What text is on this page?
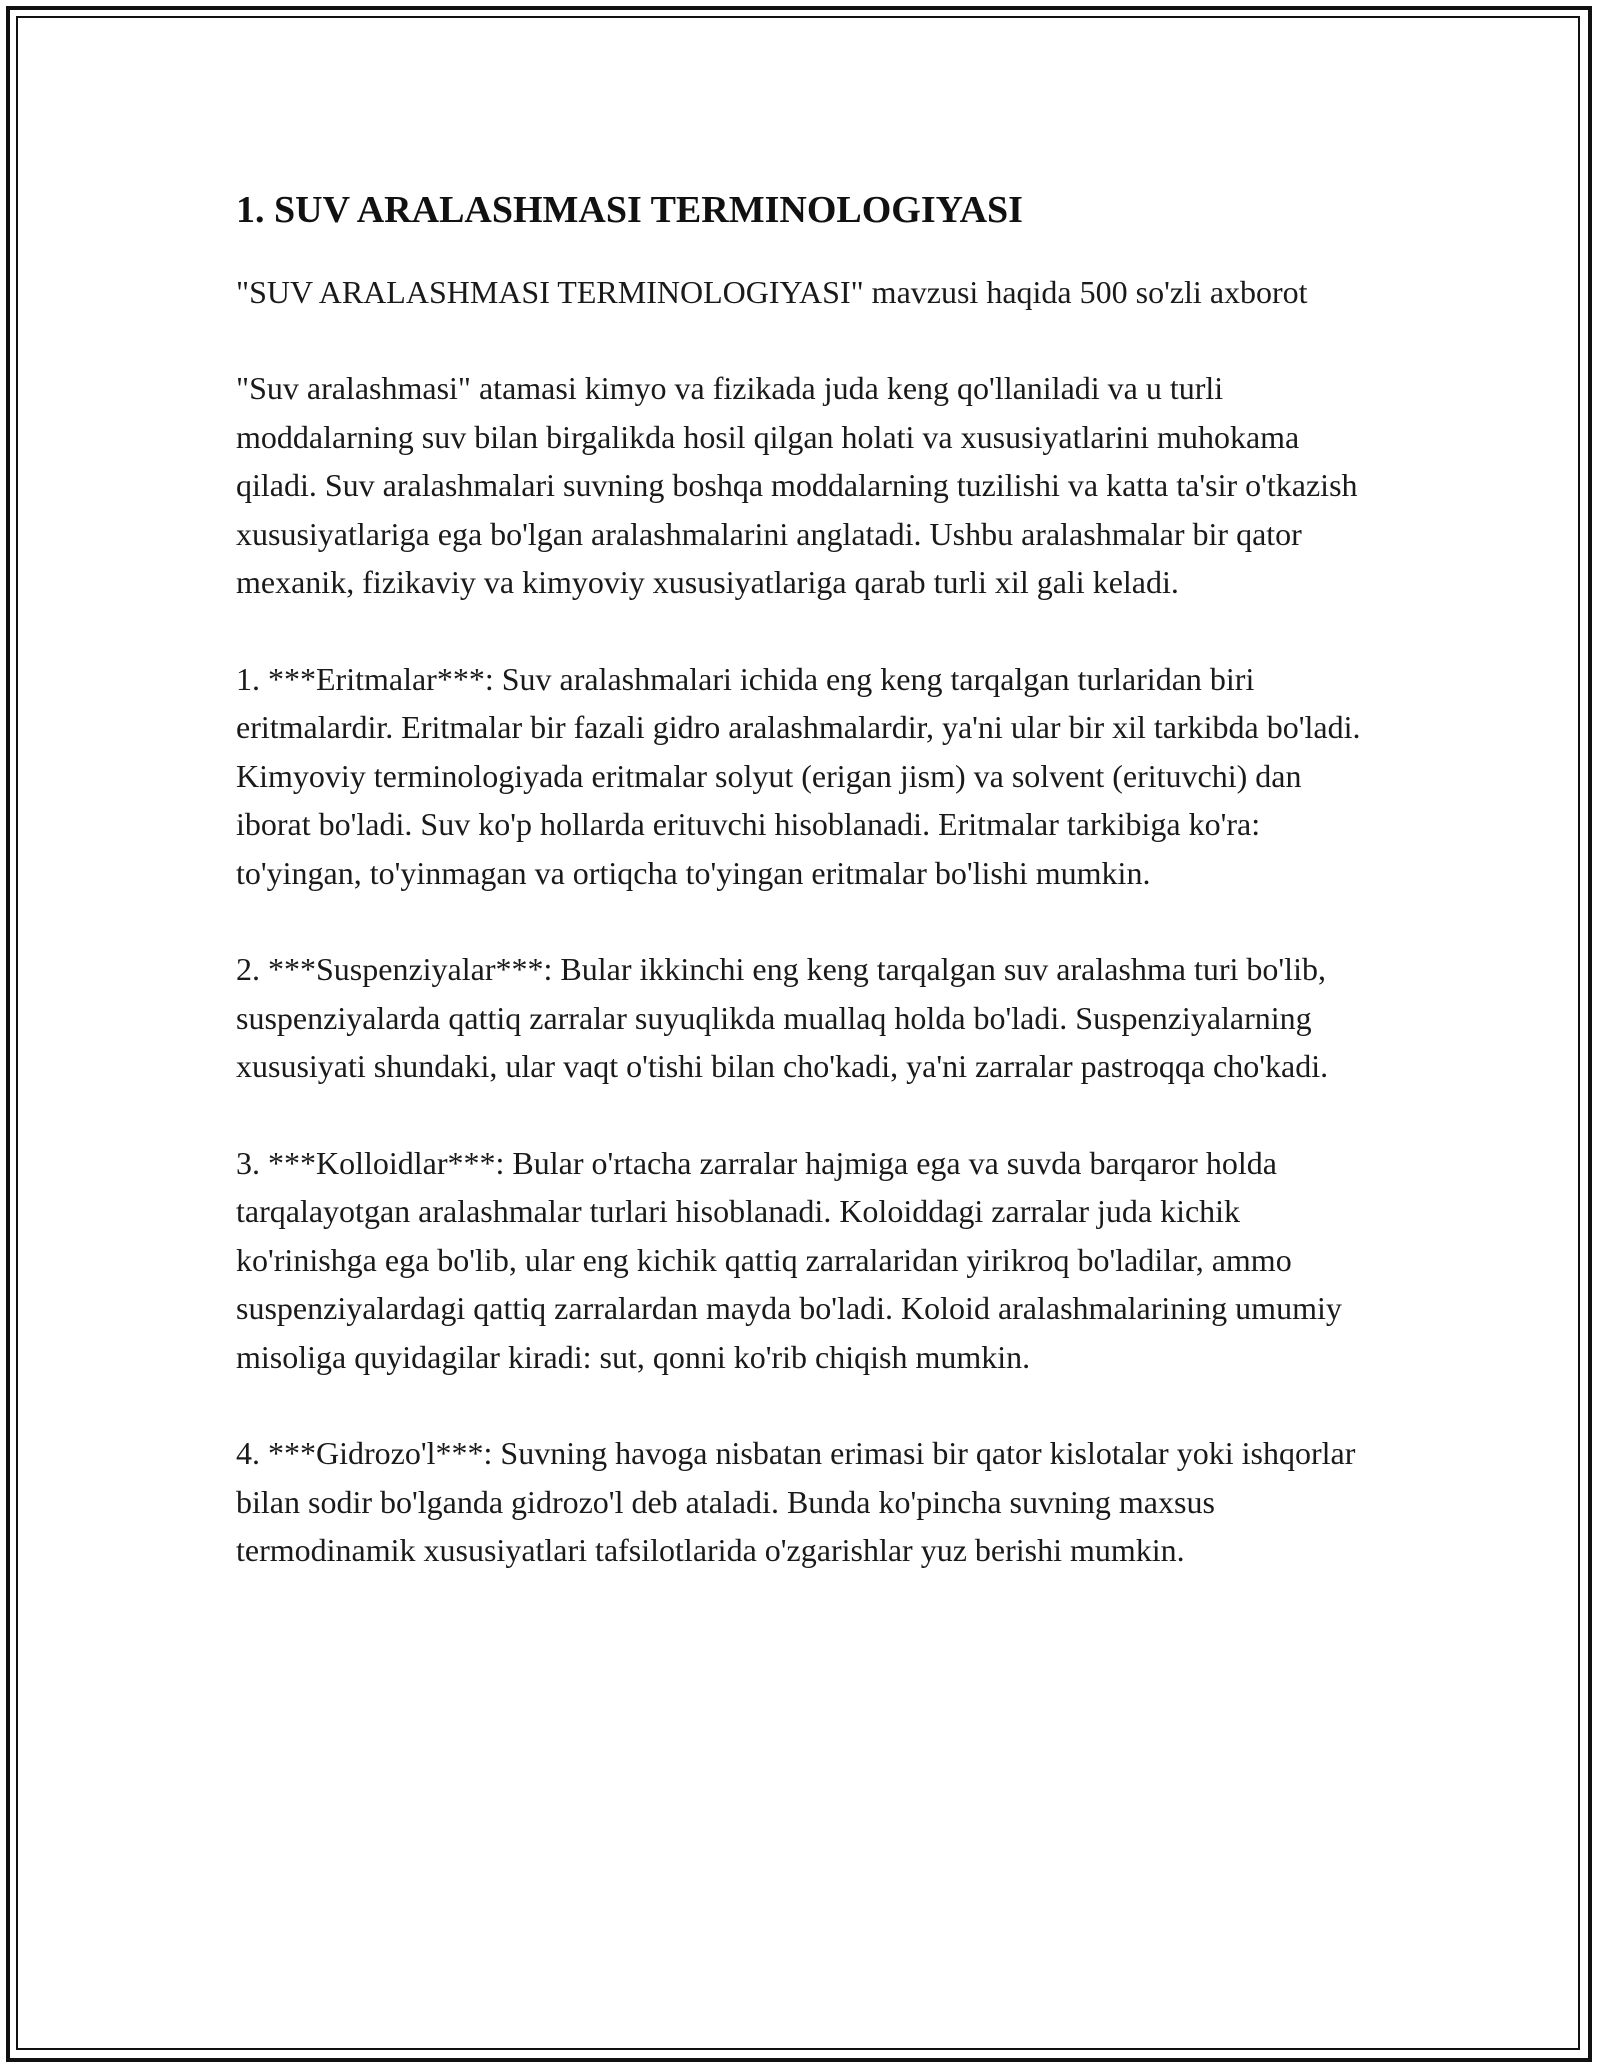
1. SUV ARALASHMASI TERMINOLOGIYASI

"SUV ARALASHMASI TERMINOLOGIYASI" mavzusi haqida 500 so'zli axborot

"Suv aralashmasi" atamasi kimyo va fizikada juda keng qo'llaniladi va u turli moddalarning suv bilan birgalikda hosil qilgan holati va xususiyatlarini muhokama qiladi. Suv aralashmalari suvning boshqa moddalarning tuzilishi va katta ta'sir o'tkazish xususiyatlariga ega bo'lgan aralashmalarini anglatadi. Ushbu aralashmalar bir qator mexanik, fizikaviy va kimyoviy xususiyatlariga qarab turli xil gali keladi.

1. ***Eritmalar***: Suv aralashmalari ichida eng keng tarqalgan turlaridan biri eritmalardir. Eritmalar bir fazali gidro aralashmalardir, ya'ni ular bir xil tarkibda bo'ladi. Kimyoviy terminologiyada eritmalar solyut (erigan jism) va solvent (erituvchi) dan iborat bo'ladi. Suv ko'p hollarda erituvchi hisoblanadi. Eritmalar tarkibiga ko'ra: to'yingan, to'yinmagan va ortiqcha to'yingan eritmalar bo'lishi mumkin.

2. ***Suspenziyalar***: Bular ikkinchi eng keng tarqalgan suv aralashma turi bo'lib, suspenziyalarda qattiq zarralar suyuqlikda muallaq holda bo'ladi. Suspenziyalarning xususiyati shundaki, ular vaqt o'tishi bilan cho'kadi, ya'ni zarralar pastroqqa cho'kadi.

3. ***Kolloidlar***: Bular o'rtacha zarralar hajmiga ega va suvda barqaror holda tarqalayotgan aralashmalar turlari hisoblanadi. Koloiddagi zarralar juda kichik ko'rinishga ega bo'lib, ular eng kichik qattiq zarralaridan yirikroq bo'ladilar, ammo suspenziyalardagi qattiq zarralardan mayda bo'ladi. Koloid aralashmalarining umumiy misoliga quyidagilar kiradi: sut, qonni ko'rib chiqish mumkin.

4. ***Gidrozo'l***: Suvning havoga nisbatan erimasi bir qator kislotalar yoki ishqorlar bilan sodir bo'lganda gidrozo'l deb ataladi. Bunda ko'pincha suvning maxsus termodinamik xususiyatlari tafsilotlarida o'zgarishlar yuz berishi mumkin.
